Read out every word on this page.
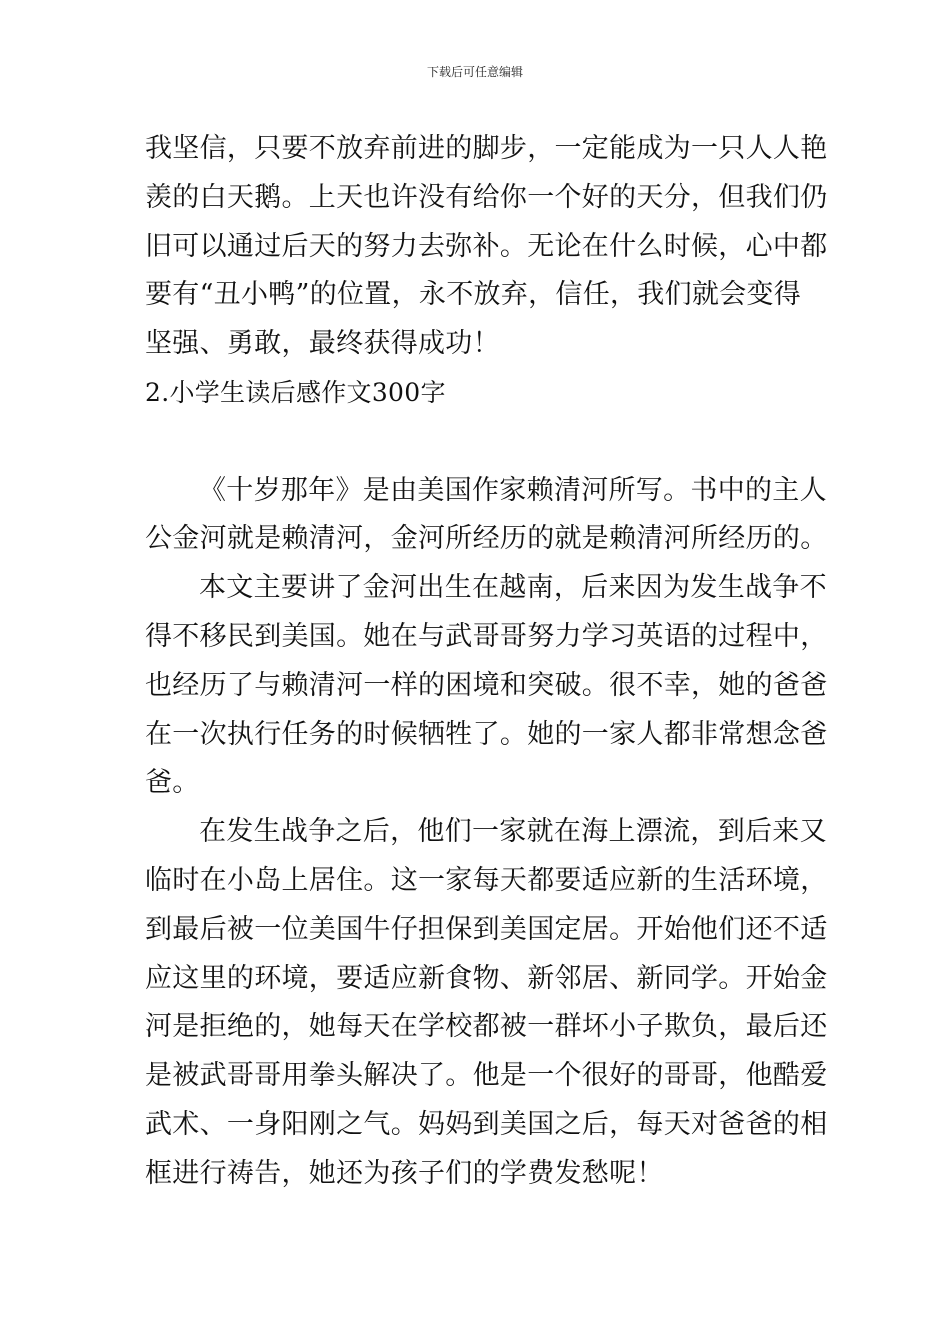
下载后可任意编辑

我坚信，只要不放弃前进的脚步，一定能成为一只人人艳
羡的白天鹅。上天也许没有给你一个好的天分，但我们仍
旧可以通过后天的努力去弥补。无论在什么时候，心中都
要有“丑小鸭”的位置，永不放弃，信任，我们就会变得
坚强、勇敢，最终获得成功！

2.小学生读后感作文300字

《十岁那年》是由美国作家赖清河所写。书中的主人
公金河就是赖清河，金河所经历的就是赖清河所经历的。

本文主要讲了金河出生在越南，后来因为发生战争不
得不移民到美国。她在与武哥哥努力学习英语的过程中，
也经历了与赖清河一样的困境和突破。很不幸，她的爸爸
在一次执行任务的时候牺牲了。她的一家人都非常想念爸
爸。

在发生战争之后，他们一家就在海上漂流，到后来又
临时在小岛上居住。这一家每天都要适应新的生活环境，
到最后被一位美国牛仔担保到美国定居。开始他们还不适
应这里的环境，要适应新食物、新邻居、新同学。开始金
河是拒绝的，她每天在学校都被一群坏小子欺负，最后还
是被武哥哥用拳头解决了。他是一个很好的哥哥，他酷爱
武术、一身阳刚之气。妈妈到美国之后，每天对爸爸的相
框进行祷告，她还为孩子们的学费发愁呢！
